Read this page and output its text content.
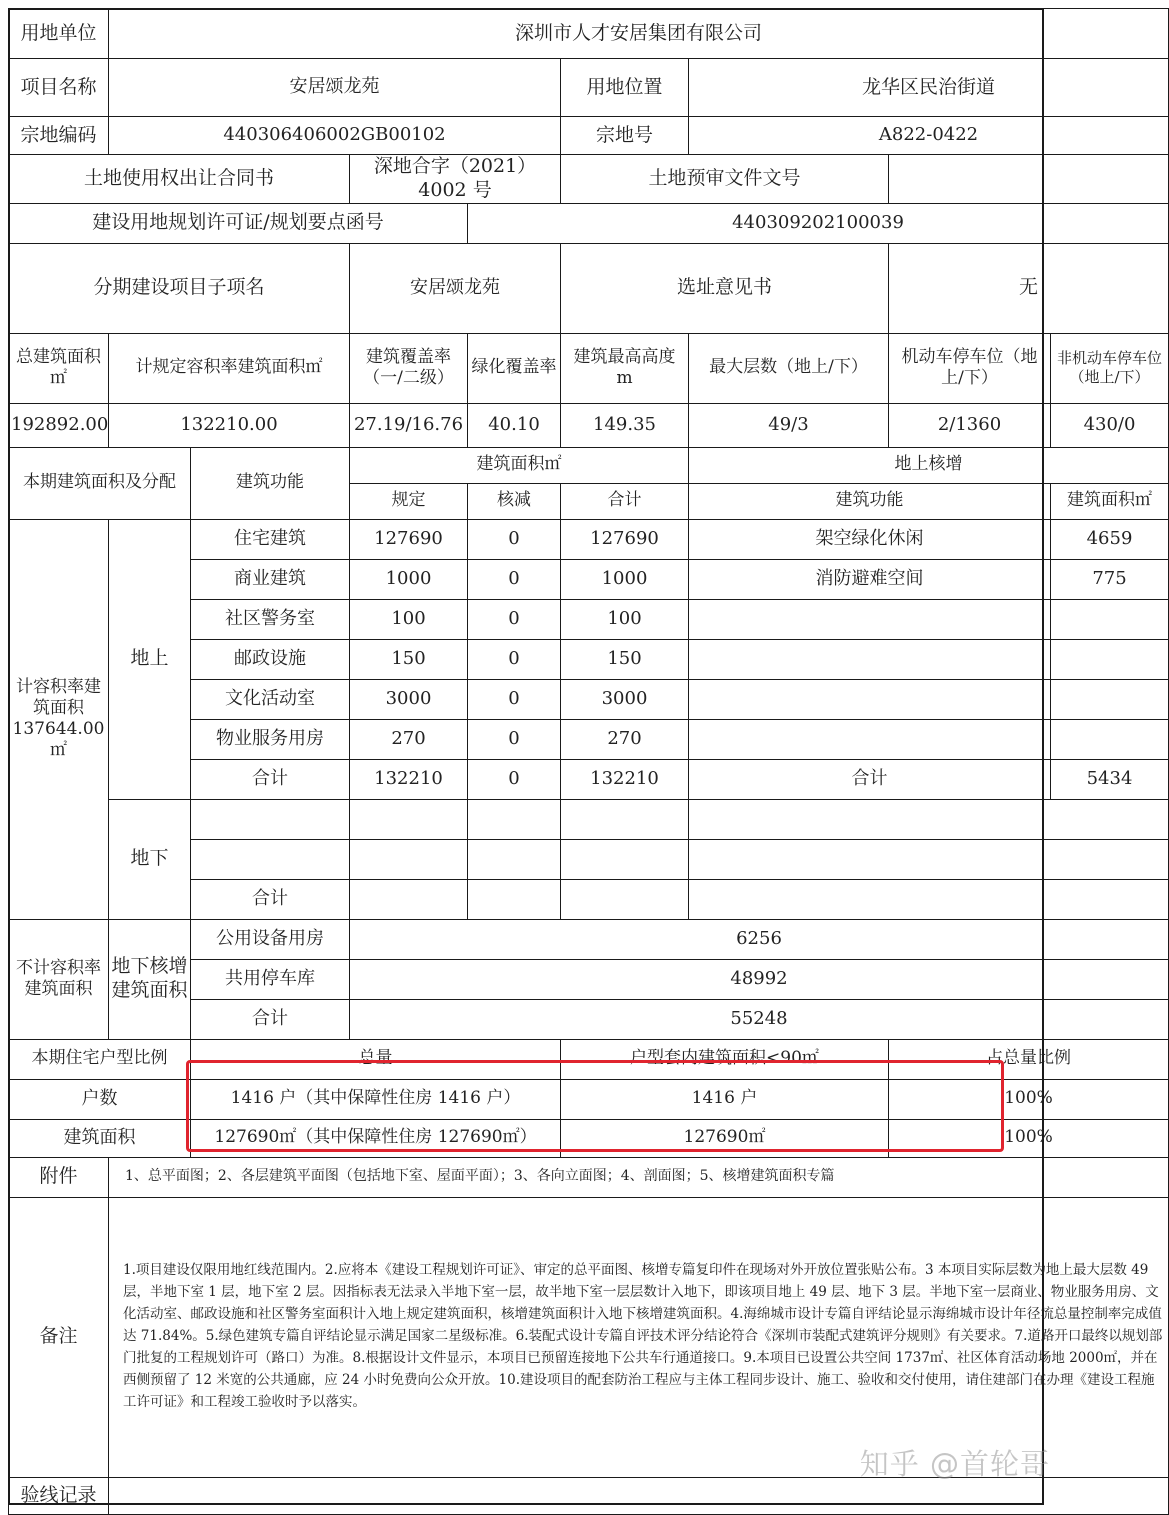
用地单位	深圳市人才安居集团有限公司							
项目名称	安居颂龙苑				用地位置	龙华区民治街道		
宗地编码	440306406002GB00102				宗地号	A822-0422		
土地使用权出让合同书			深地合字（2021）4002 号		土地预审文件文号			
建设用地规划许可证/规划要点函号				440309202100039				
分期建设项目子项名			安居颂龙苑		选址意见书		无	
总建筑面积㎡	计规定容积率建筑面积㎡		建筑覆盖率（一/二级）	绿化覆盖率	建筑最高高度 m	最大层数（地上/下）	机动车停车位（地上/下）	非机动车停车位（地上/下）
192892.00	132210.00		27.19/16.76	40.10	149.35	49/3	2/1360	430/0
本期建筑面积及分配		建筑功能	建筑面积㎡			地上核增		
			规定	核减	合计	建筑功能		建筑面积㎡
计容积率建筑面积 137644.00㎡	地上	住宅建筑	127690	0	127690	架空绿化休闲		4659
		商业建筑	1000	0	1000	消防避难空间		775
		社区警务室	100	0	100			
		邮政设施	150	0	150			
		文化活动室	3000	0	3000			
		物业服务用房	270	0	270			
		合计	132210	0	132210	合计		5434
	地下							

		合计						
不计容积率建筑面积	地下核增建筑面积	公用设备用房	6256					
		共用停车库	48992					
		合计	55248					
本期住宅户型比例		总量			户型套内建筑面积<90㎡		占总量比例	
户数		1416 户（其中保障性住房 1416 户）			1416 户		100%	
建筑面积		127690㎡（其中保障性住房 127690㎡）			127690㎡		100%	
附件	1、总平面图；2、各层建筑平面图（包括地下室、屋面平面）；3、各向立面图；4、剖面图；5、核增建筑面积专篇							
备注	1.项目建设仅限用地红线范围内。2.应将本《建设工程规划许可证》、审定的总平面图、核增专篇复印件在现场对外开放位置张贴公布。3 本项目实际层数为地上最大层数 49 层，半地下室 1 层，地下室 2 层。因指标表无法录入半地下室一层，故半地下室一层层数计入地下，即该项目地上 49 层、地下 3 层。半地下室一层商业、物业服务用房、文化活动室、邮政设施和社区警务室面积计入地上规定建筑面积，核增建筑面积计入地下核增建筑面积。4.海绵城市设计专篇自评结论显示海绵城市设计年径流总量控制率完成值达 71.84%。5.绿色建筑专篇自评结论显示满足国家二星级标准。6.装配式设计专篇自评技术评分结论符合《深圳市装配式建筑评分规则》有关要求。7.道路开口最终以规划部门批复的工程规划许可（路口）为准。8.根据设计文件显示，本项目已预留连接地下公共车行通道接口。9.本项目已设置公共空间 1737㎡、社区体育活动场地 2000㎡，并在西侧预留了 12 米宽的公共通廊，应 24 小时免费向公众开放。10.建设项目的配套防治工程应与主体工程同步设计、施工、验收和交付使用，请住建部门在办理《建设工程施工许可证》和工程竣工验收时予以落实。							
验线记录								
知乎 @首轮哥
